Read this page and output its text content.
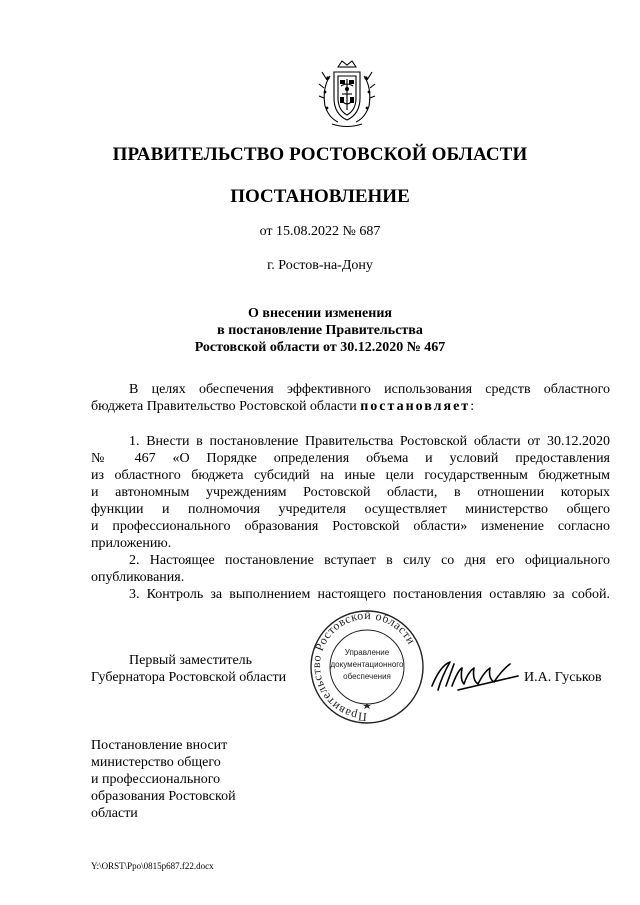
ПРАВИТЕЛЬСТВО РОСТОВСКОЙ ОБЛАСТИ
ПОСТАНОВЛЕНИЕ
от 15.08.2022 № 687
г. Ростов-на-Дону
О внесении изменения
в постановление Правительства
Ростовской области от 30.12.2020 № 467
В целях обеспечения эффективного использования средств областного
бюджета Правительство Ростовской области постановляет:
1. Внести в постановление Правительства Ростовской области от 30.12.2020
№ 467 «О Порядке определения объема и условий предоставления
из областного бюджета субсидий на иные цели государственным бюджетным
и автономным учреждениям Ростовской области, в отношении которых
функции и полномочия учредителя осуществляет министерство общего
и профессионального образования Ростовской области» изменение согласно
приложению.
2. Настоящее постановление вступает в силу со дня его официального
опубликования.
3. Контроль за выполнением настоящего постановления оставляю за собой.
Первый заместитель
Губернатора Ростовской области
Правительство Ростовской области
Управление
документационного
обеспечения	И.А. Гуськов
Постановление вносит
министерство общего
и профессионального
образования Ростовской
области
Y:\ORST\Ppo\0815p687.f22.docx
